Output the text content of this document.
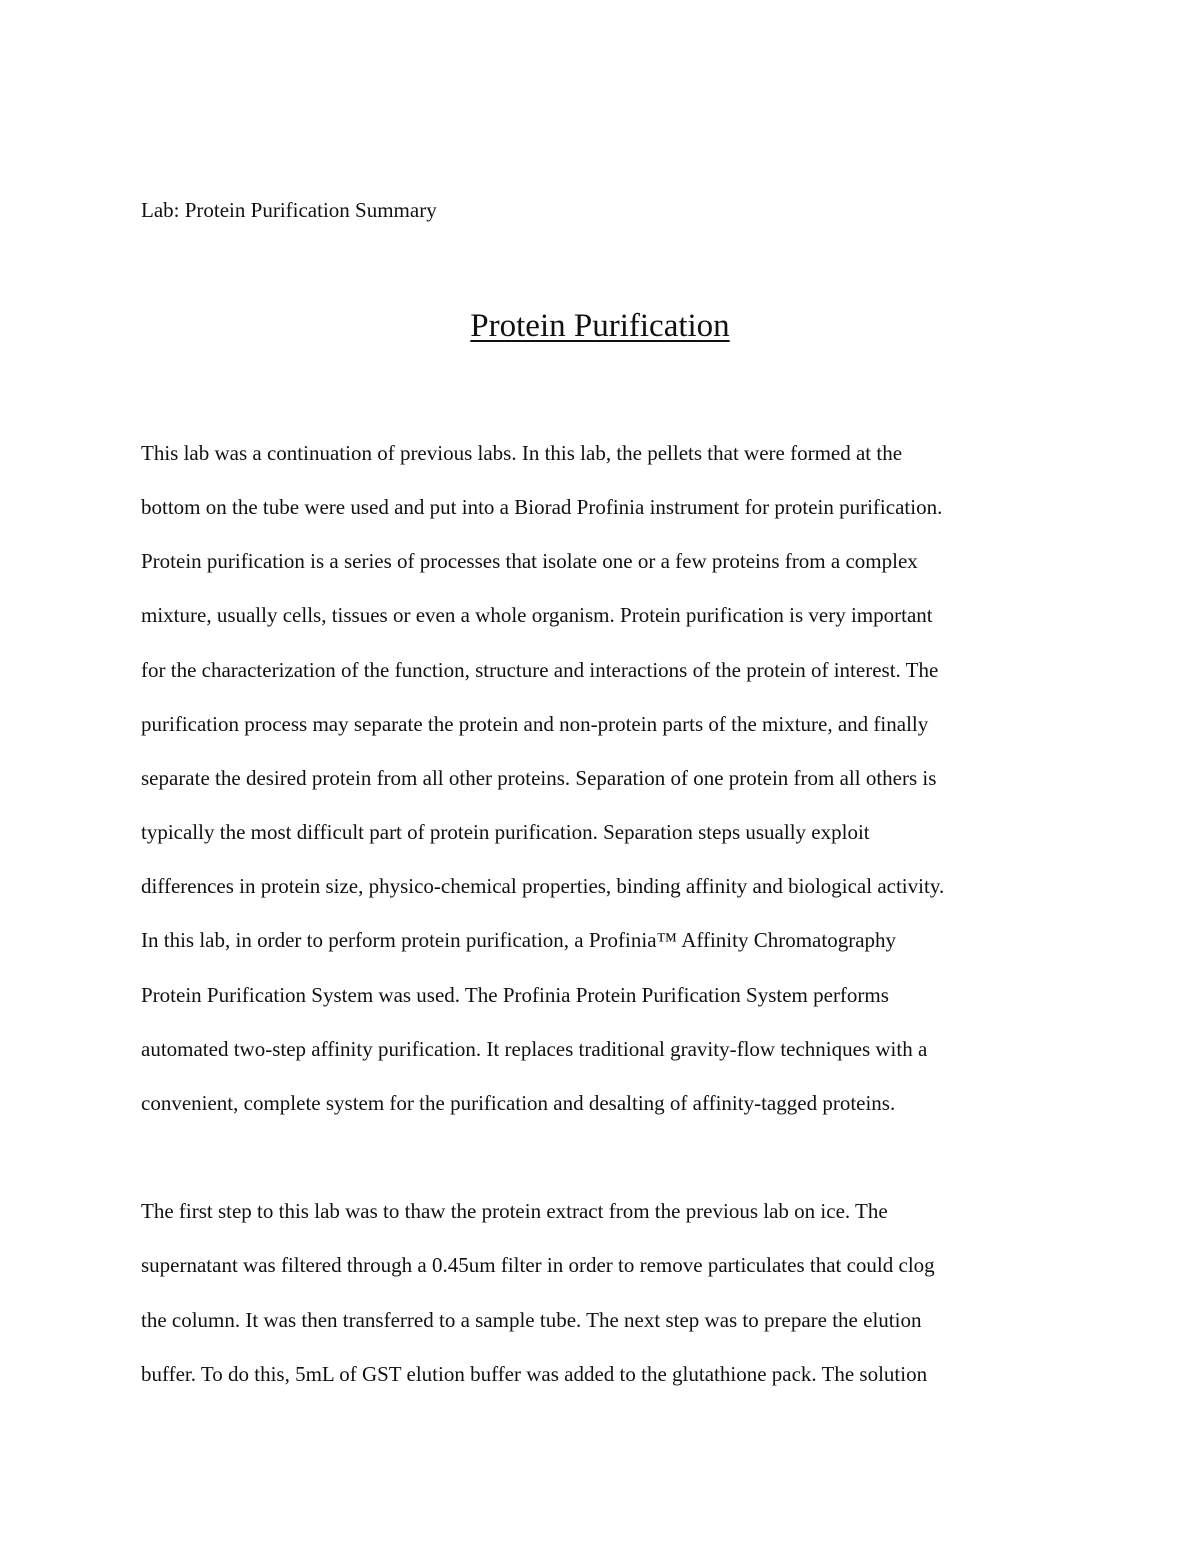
Lab: Protein Purification Summary
Protein Purification

This lab was a continuation of previous labs. In this lab, the pellets that were formed at the

bottom on the tube were used and put into a Biorad Profinia instrument for protein purification.

Protein purification is a series of processes that isolate one or a few proteins from a complex

mixture, usually cells, tissues or even a whole organism. Protein purification is very important

for the characterization of the function, structure and interactions of the protein of interest. The

purification process may separate the protein and non-protein parts of the mixture, and finally

separate the desired protein from all other proteins. Separation of one protein from all others is

typically the most difficult part of protein purification. Separation steps usually exploit

differences in protein size, physico-chemical properties, binding affinity and biological activity.

In this lab, in order to perform protein purification, a Profinia™ Affinity Chromatography

Protein Purification System was used. The Profinia Protein Purification System performs

automated two-step affinity purification. It replaces traditional gravity-flow techniques with a

convenient, complete system for the purification and desalting of affinity-tagged proteins.

The first step to this lab was to thaw the protein extract from the previous lab on ice. The

supernatant was filtered through a 0.45um filter in order to remove particulates that could clog

the column. It was then transferred to a sample tube. The next step was to prepare the elution

buffer. To do this, 5mL of GST elution buffer was added to the glutathione pack. The solution
